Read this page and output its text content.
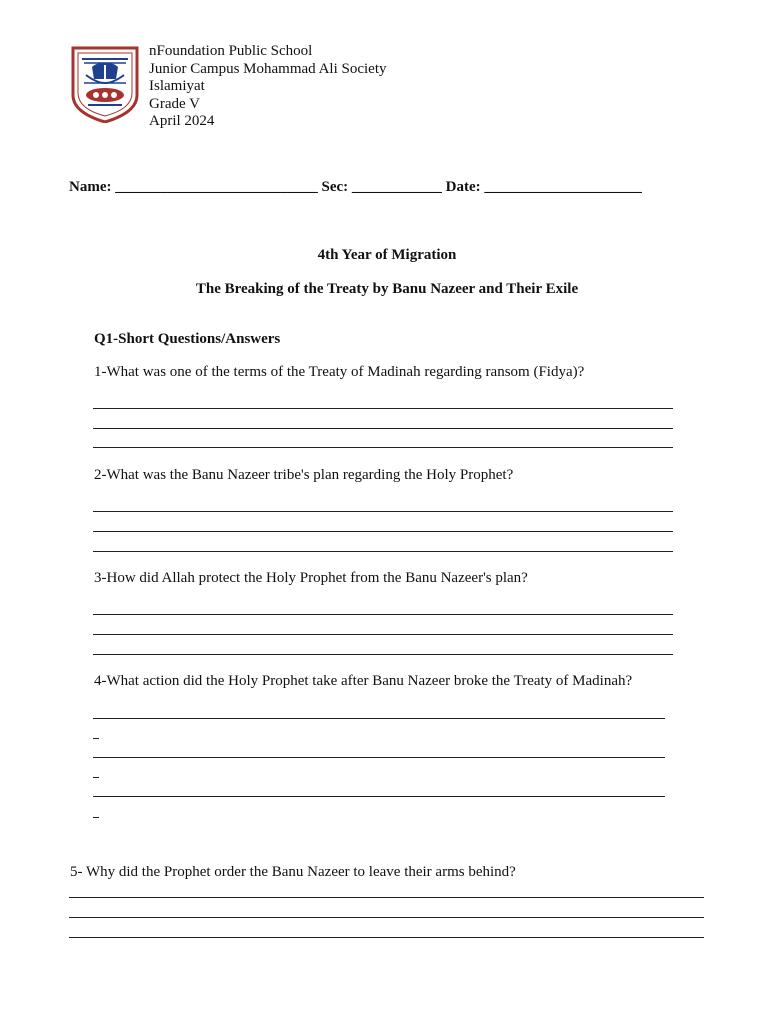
nFoundation Public School
Junior Campus Mohammad Ali Society
Islamiyat
Grade V
April 2024
Name: ___________________________ Sec: ____________ Date: _____________________
4th Year of Migration
The Breaking of the Treaty by Banu Nazeer and Their Exile
Q1-Short Questions/Answers
1-What was one of the terms of the Treaty of Madinah regarding ransom (Fidya)?
2-What was the Banu Nazeer tribe's plan regarding the Holy Prophet?
3-How did Allah protect the Holy Prophet from the Banu Nazeer's plan?
4-What action did the Holy Prophet take after Banu Nazeer broke the Treaty of Madinah?
5- Why did the Prophet order the Banu Nazeer to leave their arms behind?
